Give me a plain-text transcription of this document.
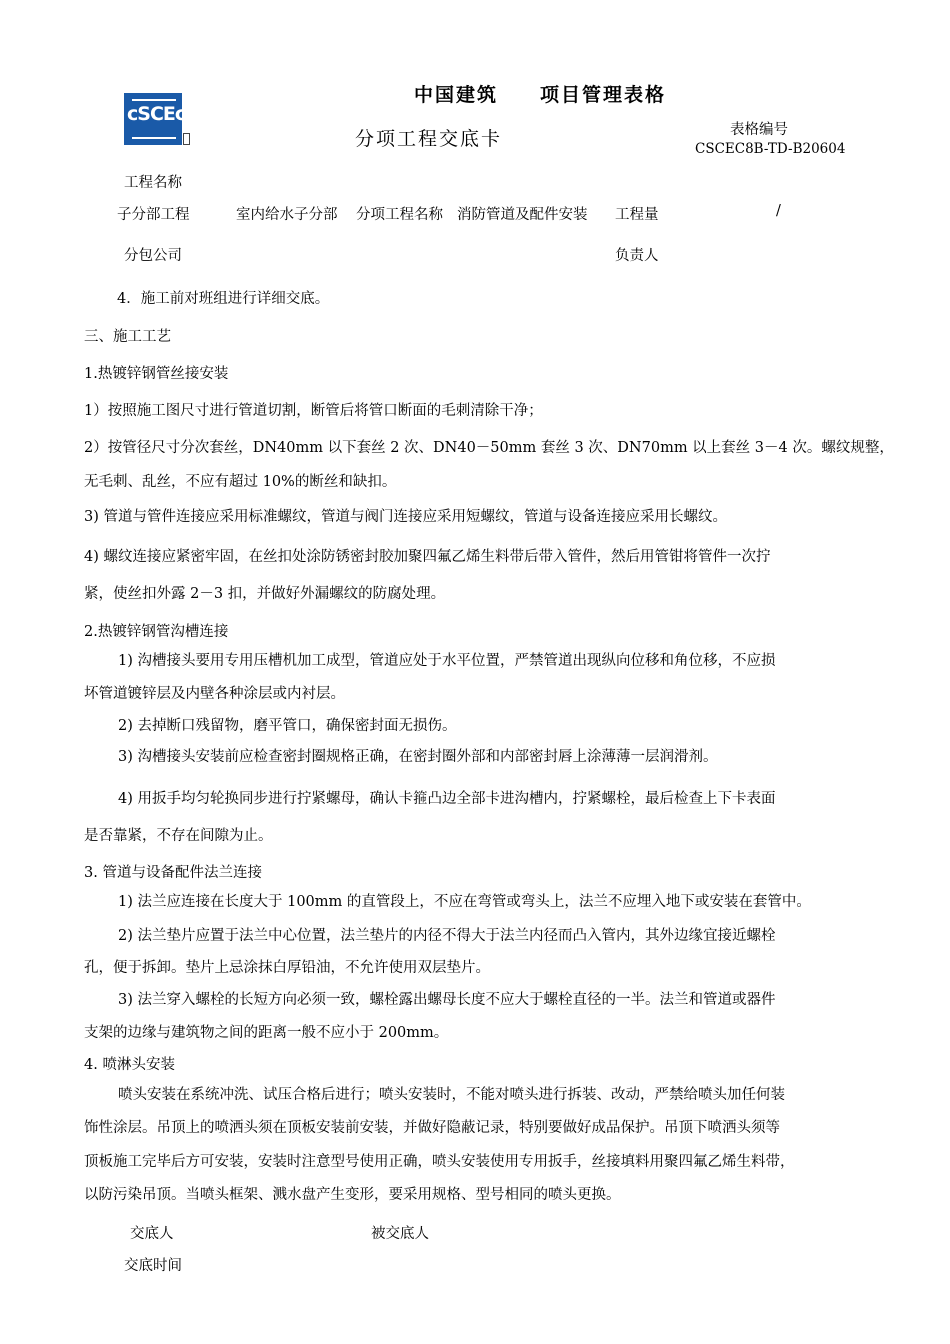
cSCEc
中国建筑 项目管理表格
分项工程交底卡	表格编号
CSCEC8B-TD-B20604
工程名称
子分部工程	室内给水子分部 分项工程名称 消防管道及配件安装 工程量	/
分包公司	负责人
4．施工前对班组进行详细交底。
三、施工工艺
1.热镀锌钢管丝接安装
1）按照施工图尺寸进行管道切割，断管后将管口断面的毛刺清除干净；
2）按管径尺寸分次套丝，DN40mm 以下套丝 2 次、DN40－50mm 套丝 3 次、DN70mm 以上套丝 3－4 次。螺纹规整，
无毛刺、乱丝，不应有超过 10%的断丝和缺扣。
3) 管道与管件连接应采用标准螺纹，管道与阀门连接应采用短螺纹，管道与设备连接应采用长螺纹。
4) 螺纹连接应紧密牢固，在丝扣处涂防锈密封胶加聚四氟乙烯生料带后带入管件，然后用管钳将管件一次拧
紧，使丝扣外露 2－3 扣，并做好外漏螺纹的防腐处理。
2.热镀锌钢管沟槽连接
1) 沟槽接头要用专用压槽机加工成型，管道应处于水平位置，严禁管道出现纵向位移和角位移，不应损
坏管道镀锌层及内壁各种涂层或内衬层。
2) 去掉断口残留物，磨平管口，确保密封面无损伤。
3) 沟槽接头安装前应检查密封圈规格正确，在密封圈外部和内部密封唇上涂薄薄一层润滑剂。
4) 用扳手均匀轮换同步进行拧紧螺母，确认卡箍凸边全部卡进沟槽内，拧紧螺栓，最后检查上下卡表面
是否靠紧，不存在间隙为止。
3. 管道与设备配件法兰连接
1) 法兰应连接在长度大于 100mm 的直管段上，不应在弯管或弯头上，法兰不应埋入地下或安装在套管中。
2) 法兰垫片应置于法兰中心位置，法兰垫片的内径不得大于法兰内径而凸入管内，其外边缘宜接近螺栓
孔，便于拆卸。垫片上忌涂抹白厚铅油，不允许使用双层垫片。
3) 法兰穿入螺栓的长短方向必须一致，螺栓露出螺母长度不应大于螺栓直径的一半。法兰和管道或器件
支架的边缘与建筑物之间的距离一般不应小于 200mm。
4. 喷淋头安装
喷头安装在系统冲洗、试压合格后进行；喷头安装时，不能对喷头进行拆装、改动，严禁给喷头加任何装
饰性涂层。吊顶上的喷洒头须在顶板安装前安装，并做好隐蔽记录，特别要做好成品保护。吊顶下喷洒头须等
顶板施工完毕后方可安装，安装时注意型号使用正确，喷头安装使用专用扳手，丝接填料用聚四氟乙烯生料带，
以防污染吊顶。当喷头框架、溅水盘产生变形，要采用规格、型号相同的喷头更换。
交底人	被交底人
交底时间
